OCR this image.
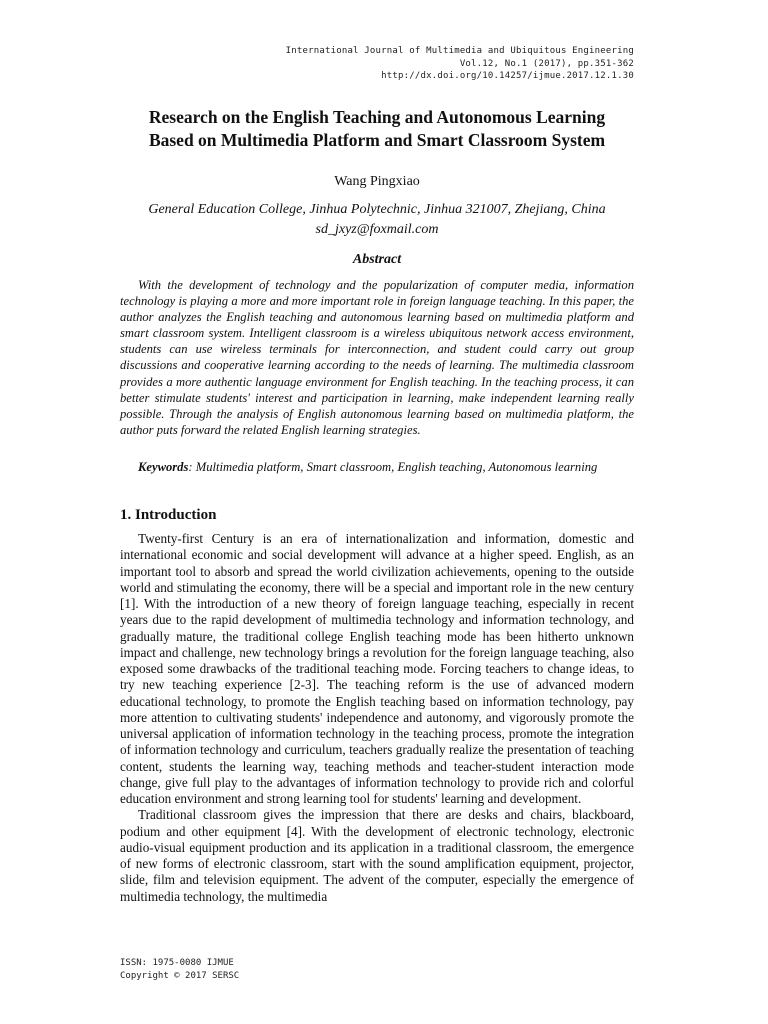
International Journal of Multimedia and Ubiquitous Engineering
Vol.12, No.1 (2017), pp.351-362
http://dx.doi.org/10.14257/ijmue.2017.12.1.30
Research on the English Teaching and Autonomous Learning
Based on Multimedia Platform and Smart Classroom System
Wang Pingxiao
General Education College, Jinhua Polytechnic, Jinhua 321007, Zhejiang, China
sd_jxyz@foxmail.com
Abstract

With the development of technology and the popularization of computer media, information technology is playing a more and more important role in foreign language teaching. In this paper, the author analyzes the English teaching and autonomous learning based on multimedia platform and smart classroom system. Intelligent classroom is a wireless ubiquitous network access environment, students can use wireless terminals for interconnection, and student could carry out group discussions and cooperative learning according to the needs of learning. The multimedia classroom provides a more authentic language environment for English teaching. In the teaching process, it can better stimulate students' interest and participation in learning, make independent learning really possible. Through the analysis of English autonomous learning based on multimedia platform, the author puts forward the related English learning strategies.

Keywords: Multimedia platform, Smart classroom, English teaching, Autonomous learning

1. Introduction

Twenty-first Century is an era of internationalization and information, domestic and international economic and social development will advance at a higher speed. English, as an important tool to absorb and spread the world civilization achievements, opening to the outside world and stimulating the economy, there will be a special and important role in the new century [1]. With the introduction of a new theory of foreign language teaching, especially in recent years due to the rapid development of multimedia technology and information technology, and gradually mature, the traditional college English teaching mode has been hitherto unknown impact and challenge, new technology brings a revolution for the foreign language teaching, also exposed some drawbacks of the traditional teaching mode. Forcing teachers to change ideas, to try new teaching experience [2-3]. The teaching reform is the use of advanced modern educational technology, to promote the English teaching based on information technology, pay more attention to cultivating students' independence and autonomy, and vigorously promote the universal application of information technology in the teaching process, promote the integration of information technology and curriculum, teachers gradually realize the presentation of teaching content, students the learning way, teaching methods and teacher-student interaction mode change, give full play to the advantages of information technology to provide rich and colorful education environment and strong learning tool for students' learning and development.

Traditional classroom gives the impression that there are desks and chairs, blackboard, podium and other equipment [4]. With the development of electronic technology, electronic audio-visual equipment production and its application in a traditional classroom, the emergence of new forms of electronic classroom, start with the sound amplification equipment, projector, slide, film and television equipment. The advent of the computer, especially the emergence of multimedia technology, the multimedia

ISSN: 1975-0080 IJMUE
Copyright © 2017 SERSC
